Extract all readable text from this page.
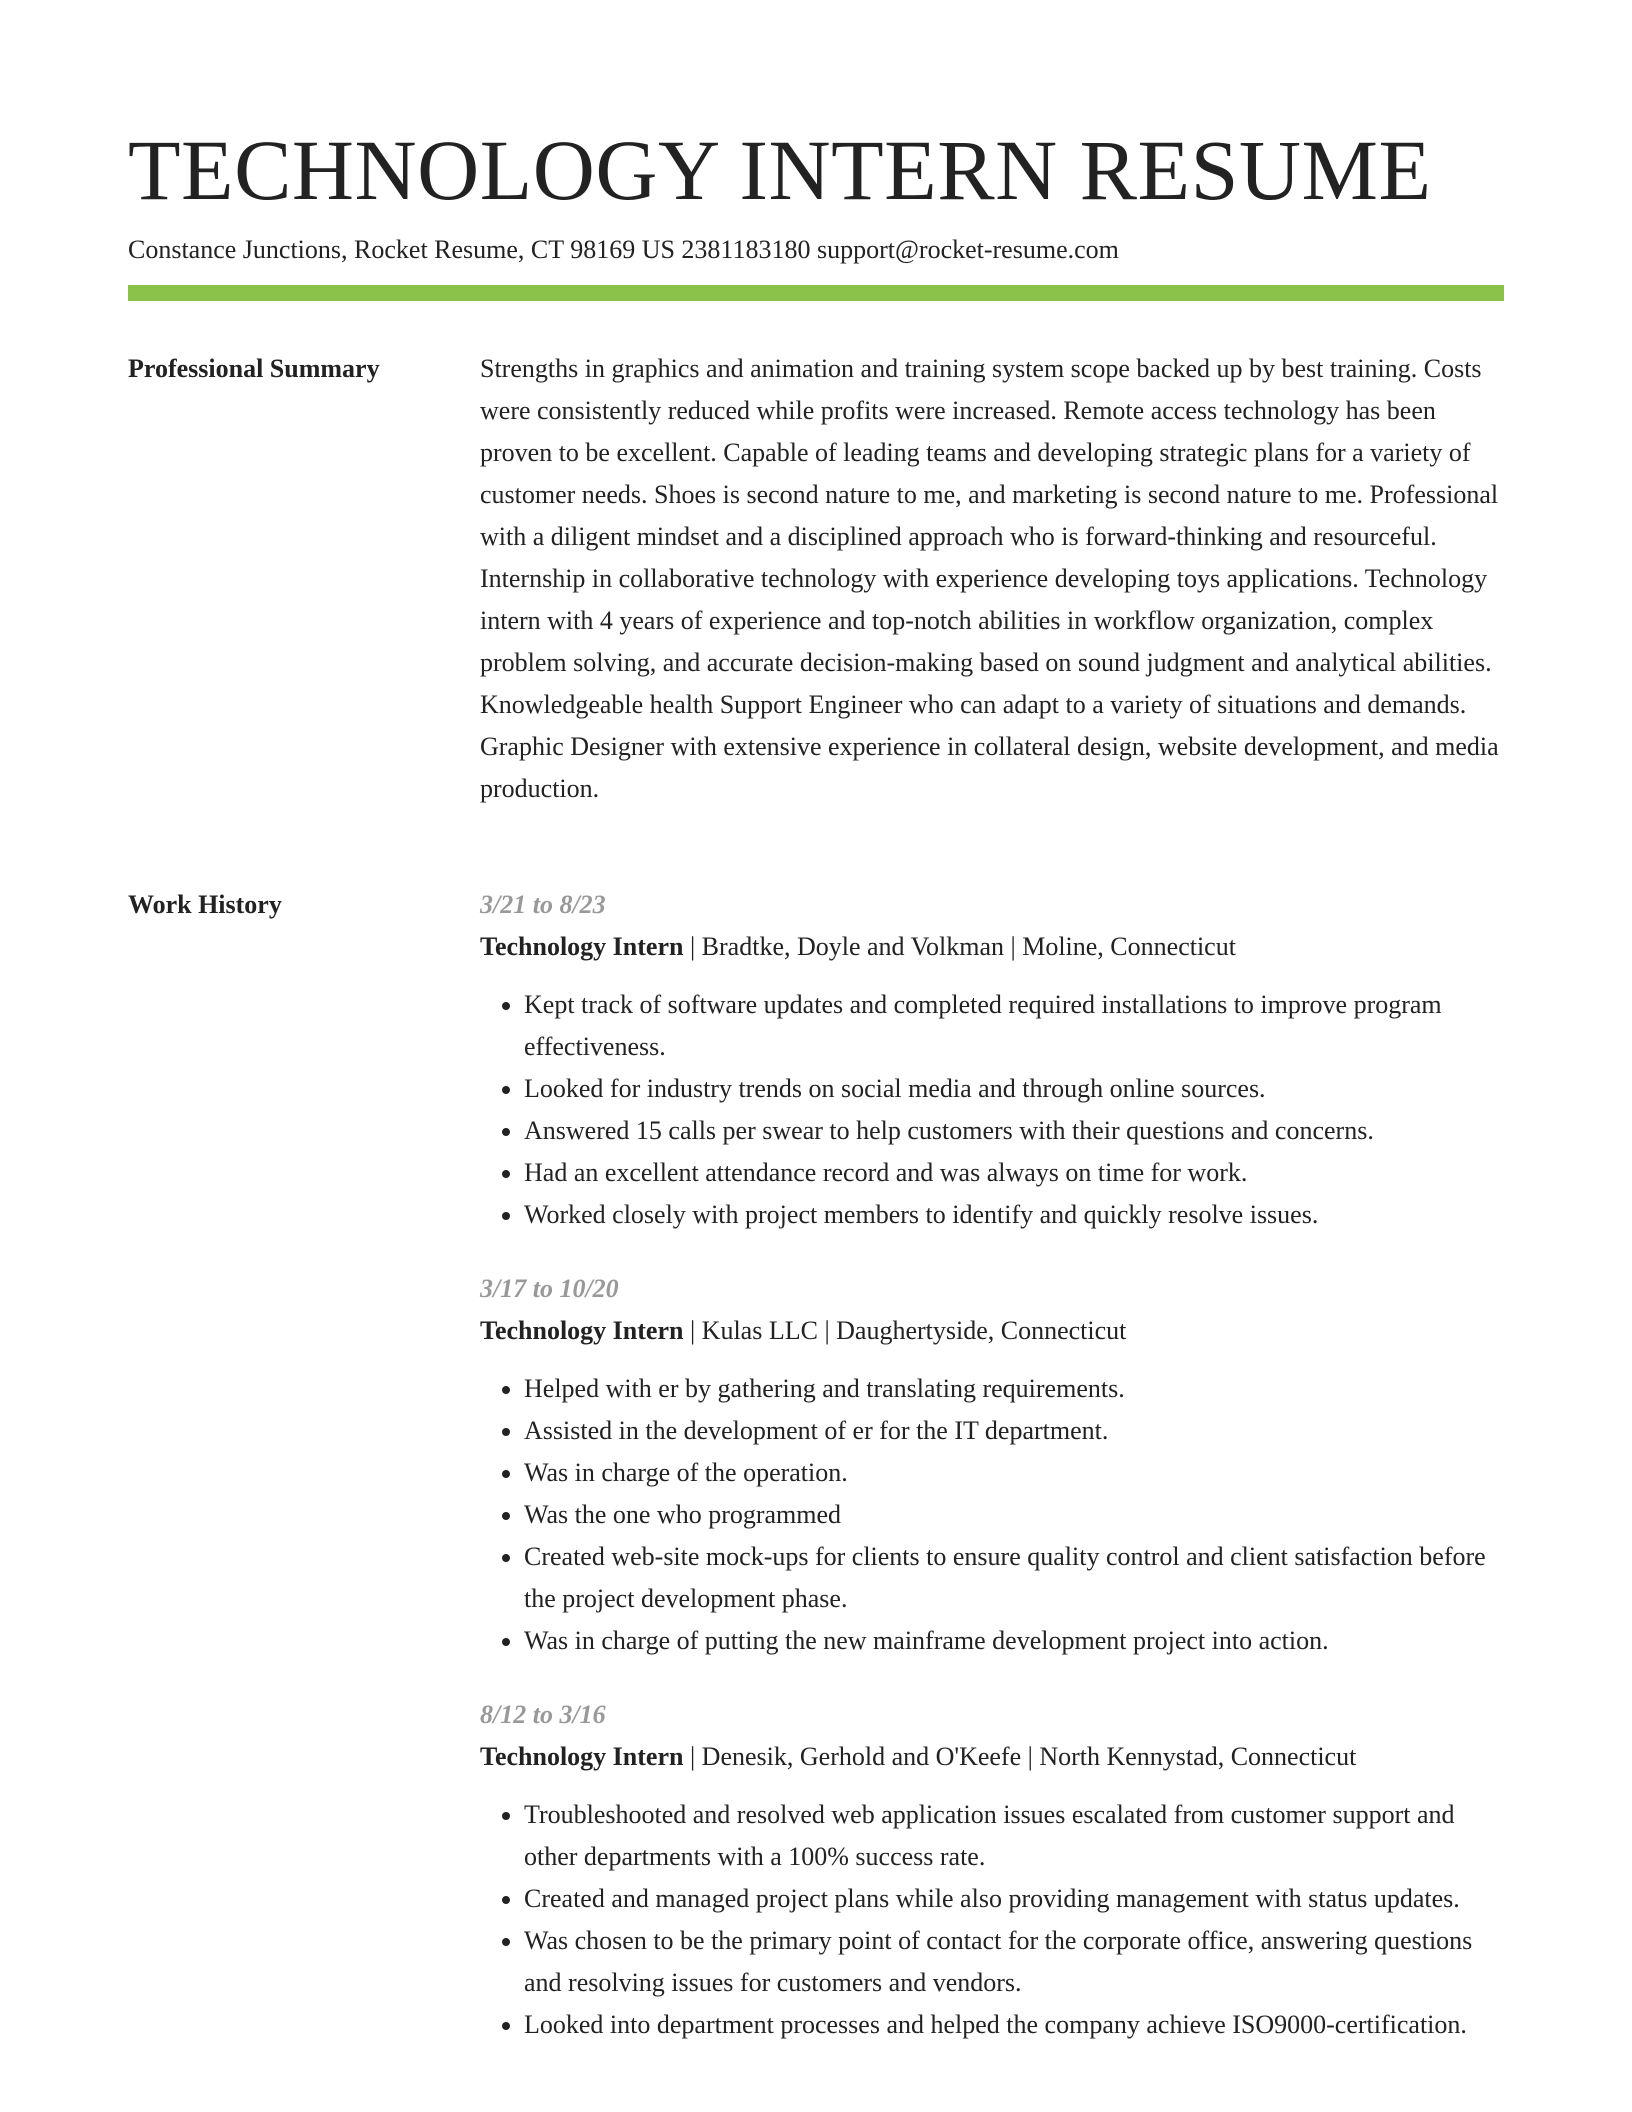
TECHNOLOGY INTERN RESUME
Constance Junctions, Rocket Resume, CT 98169 US 2381183180 support@rocket-resume.com
Professional Summary	Strengths in graphics and animation and training system scope backed up by best training. Costs were consistently reduced while profits were increased. Remote access technology has been proven to be excellent. Capable of leading teams and developing strategic plans for a variety of customer needs. Shoes is second nature to me, and marketing is second nature to me. Professional with a diligent mindset and a disciplined approach who is forward-thinking and resourceful. Internship in collaborative technology with experience developing toys applications. Technology intern with 4 years of experience and top-notch abilities in workflow organization, complex problem solving, and accurate decision-making based on sound judgment and analytical abilities. Knowledgeable health Support Engineer who can adapt to a variety of situations and demands. Graphic Designer with extensive experience in collateral design, website development, and media production.

Work History	3/21 to 8/23
Technology Intern | Bradtke, Doyle and Volkman | Moline, Connecticut
• Kept track of software updates and completed required installations to improve program effectiveness.
• Looked for industry trends on social media and through online sources.
• Answered 15 calls per swear to help customers with their questions and concerns.
• Had an excellent attendance record and was always on time for work.
• Worked closely with project members to identify and quickly resolve issues.
3/17 to 10/20
Technology Intern | Kulas LLC | Daughertyside, Connecticut
• Helped with er by gathering and translating requirements.
• Assisted in the development of er for the IT department.
• Was in charge of the operation.
• Was the one who programmed
• Created web-site mock-ups for clients to ensure quality control and client satisfaction before the project development phase.
• Was in charge of putting the new mainframe development project into action.
8/12 to 3/16
Technology Intern | Denesik, Gerhold and O'Keefe | North Kennystad, Connecticut
• Troubleshooted and resolved web application issues escalated from customer support and other departments with a 100% success rate.
• Created and managed project plans while also providing management with status updates.
• Was chosen to be the primary point of contact for the corporate office, answering questions and resolving issues for customers and vendors.
• Looked into department processes and helped the company achieve ISO9000-certification.
